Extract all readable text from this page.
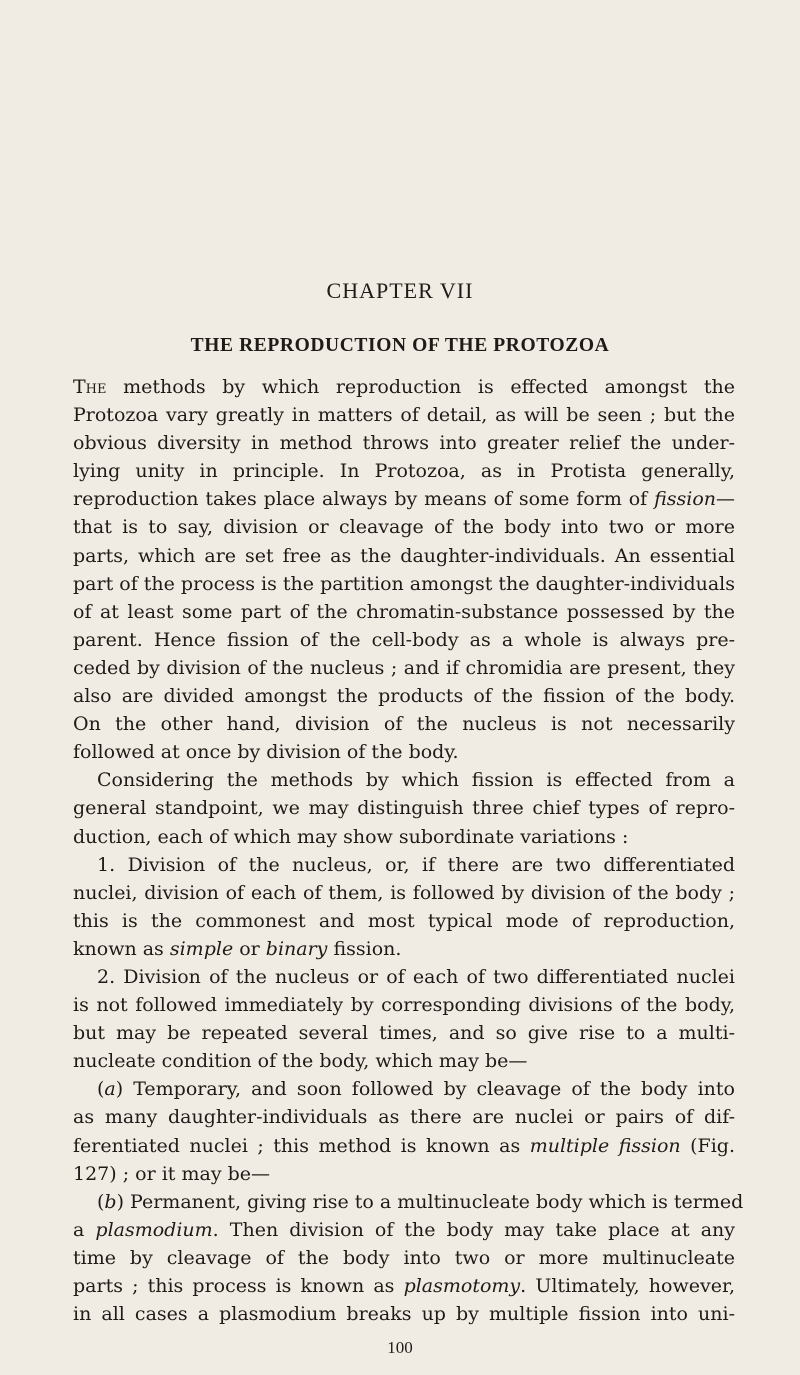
CHAPTER VII
THE REPRODUCTION OF THE PROTOZOA
The methods by which reproduction is effected amongst the
Protozoa vary greatly in matters of detail, as will be seen ; but the
obvious diversity in method throws into greater relief the under-
lying unity in principle. In Protozoa, as in Protista generally,
reproduction takes place always by means of some form of fission—
that is to say, division or cleavage of the body into two or more
parts, which are set free as the daughter-individuals. An essential
part of the process is the partition amongst the daughter-individuals
of at least some part of the chromatin-substance possessed by the
parent. Hence fission of the cell-body as a whole is always pre-
ceded by division of the nucleus ; and if chromidia are present, they
also are divided amongst the products of the fission of the body.
On the other hand, division of the nucleus is not necessarily
followed at once by division of the body.
Considering the methods by which fission is effected from a
general standpoint, we may distinguish three chief types of repro-
duction, each of which may show subordinate variations :
1. Division of the nucleus, or, if there are two differentiated
nuclei, division of each of them, is followed by division of the body ;
this is the commonest and most typical mode of reproduction,
known as simple or binary fission.
2. Division of the nucleus or of each of two differentiated nuclei
is not followed immediately by corresponding divisions of the body,
but may be repeated several times, and so give rise to a multi-
nucleate condition of the body, which may be—
(a) Temporary, and soon followed by cleavage of the body into
as many daughter-individuals as there are nuclei or pairs of dif-
ferentiated nuclei ; this method is known as multiple fission (Fig.
127) ; or it may be—
(b) Permanent, giving rise to a multinucleate body which is termed
a plasmodium. Then division of the body may take place at any
time by cleavage of the body into two or more multinucleate
parts ; this process is known as plasmotomy. Ultimately, however,
in all cases a plasmodium breaks up by multiple fission into uni-
100
